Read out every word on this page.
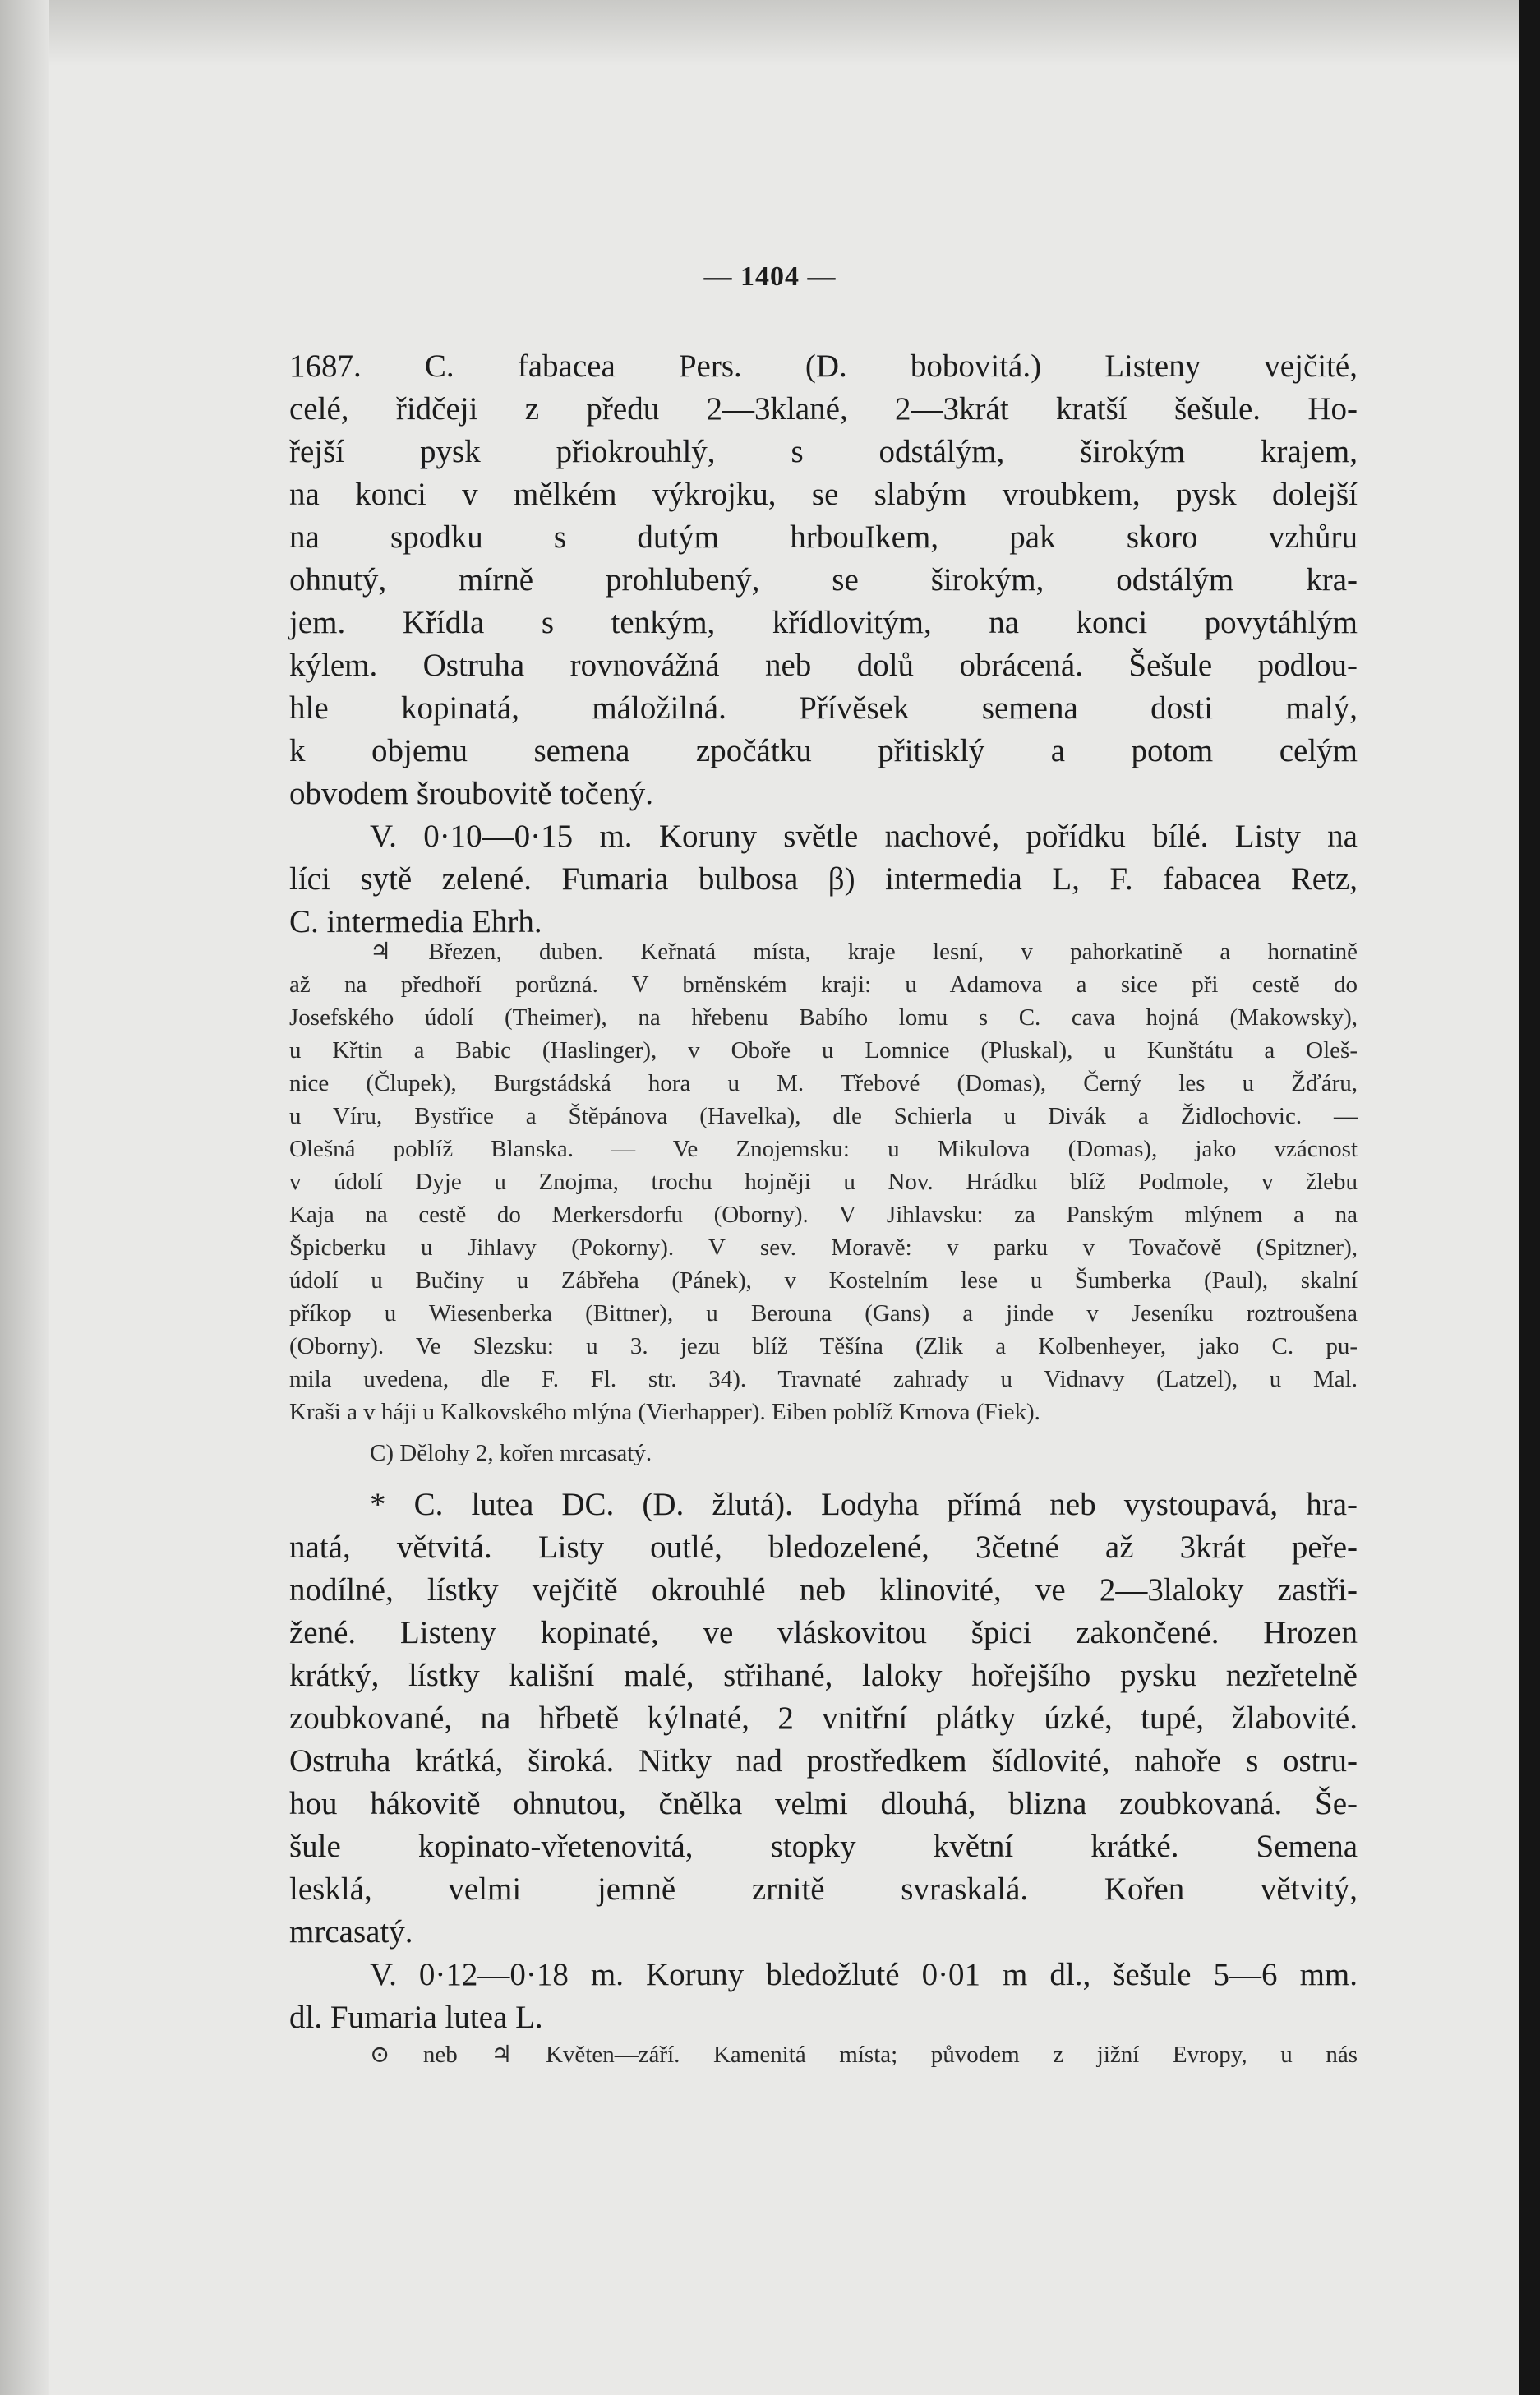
— 1404 —
1687. C. fabacea Pers. (D. bobovitá.) Listeny vejčité,
celé, řidčeji z předu 2—3klané, 2—3krát kratší šešule. Ho-
řejší pysk přiokrouhlý, s odstálým, širokým krajem,
na konci v mělkém výkrojku, se slabým vroubkem, pysk dolejší
na spodku s dutým hrbouIkem, pak skoro vzhůru
ohnutý, mírně prohlubený, se širokým, odstálým kra-
jem. Křídla s tenkým, křídlovitým, na konci povytáhlým
kýlem. Ostruha rovnovážná neb dolů obrácená. Šešule podlou-
hle kopinatá, máložilná. Přívěsek semena dosti malý,
k objemu semena zpočátku přitisklý a potom celým
obvodem šroubovitě točený.
V. 0·10—0·15 m. Koruny světle nachové, pořídku bílé. Listy na
líci sytě zelené. Fumaria bulbosa β) intermedia L, F. fabacea Retz,
C. intermedia Ehrh.
♃ Březen, duben. Keřnatá místa, kraje lesní, v pahorkatině a hornatině
až na předhoří porůzná. V brněnském kraji: u Adamova a sice při cestě do
Josefského údolí (Theimer), na hřebenu Babího lomu s C. cava hojná (Makowsky),
u Křtin a Babic (Haslinger), v Oboře u Lomnice (Pluskal), u Kunštátu a Oleš-
nice (Člupek), Burgstádská hora u M. Třebové (Domas), Černý les u Žďáru,
u Víru, Bystřice a Štěpánova (Havelka), dle Schierla u Divák a Židlochovic. —
Olešná poblíž Blanska. — Ve Znojemsku: u Mikulova (Domas), jako vzácnost
v údolí Dyje u Znojma, trochu hojněji u Nov. Hrádku blíž Podmole, v žlebu
Kaja na cestě do Merkersdorfu (Oborny). V Jihlavsku: za Panským mlýnem a na
Špicberku u Jihlavy (Pokorny). V sev. Moravě: v parku v Tovačově (Spitzner),
údolí u Bučiny u Zábřeha (Pánek), v Kostelním lese u Šumberka (Paul), skalní
příkop u Wiesenberka (Bittner), u Berouna (Gans) a jinde v Jeseníku roztroušena
(Oborny). Ve Slezsku: u 3. jezu blíž Těšína (Zlik a Kolbenheyer, jako C. pu-
mila uvedena, dle F. Fl. str. 34). Travnaté zahrady u Vidnavy (Latzel), u Mal.
Kraši a v háji u Kalkovského mlýna (Vierhapper). Eiben poblíž Krnova (Fiek).
C) Dělohy 2, kořen mrcasatý.
* C. lutea DC. (D. žlutá). Lodyha přímá neb vystoupavá, hra-
natá, větvitá. Listy outlé, bledozelené, 3četné až 3krát peře-
nodílné, lístky vejčitě okrouhlé neb klinovité, ve 2—3laloky zastři-
žené. Listeny kopinaté, ve vláskovitou špici zakončené. Hrozen
krátký, lístky kališní malé, střihané, laloky hořejšího pysku nezřetelně
zoubkované, na hřbetě kýlnaté, 2 vnitřní plátky úzké, tupé, žlabovité.
Ostruha krátká, široká. Nitky nad prostředkem šídlovité, nahoře s ostru-
hou hákovitě ohnutou, čnělka velmi dlouhá, blizna zoubkovaná. Še-
šule kopinato-vřetenovitá, stopky květní krátké. Semena
lesklá, velmi jemně zrnitě svraskalá. Kořen větvitý,
mrcasatý.
V. 0·12—0·18 m. Koruny bledožluté 0·01 m dl., šešule 5—6 mm.
dl. Fumaria lutea L.
⊙ neb ♃ Květen—září. Kamenitá místa; původem z jižní Evropy, u nás
